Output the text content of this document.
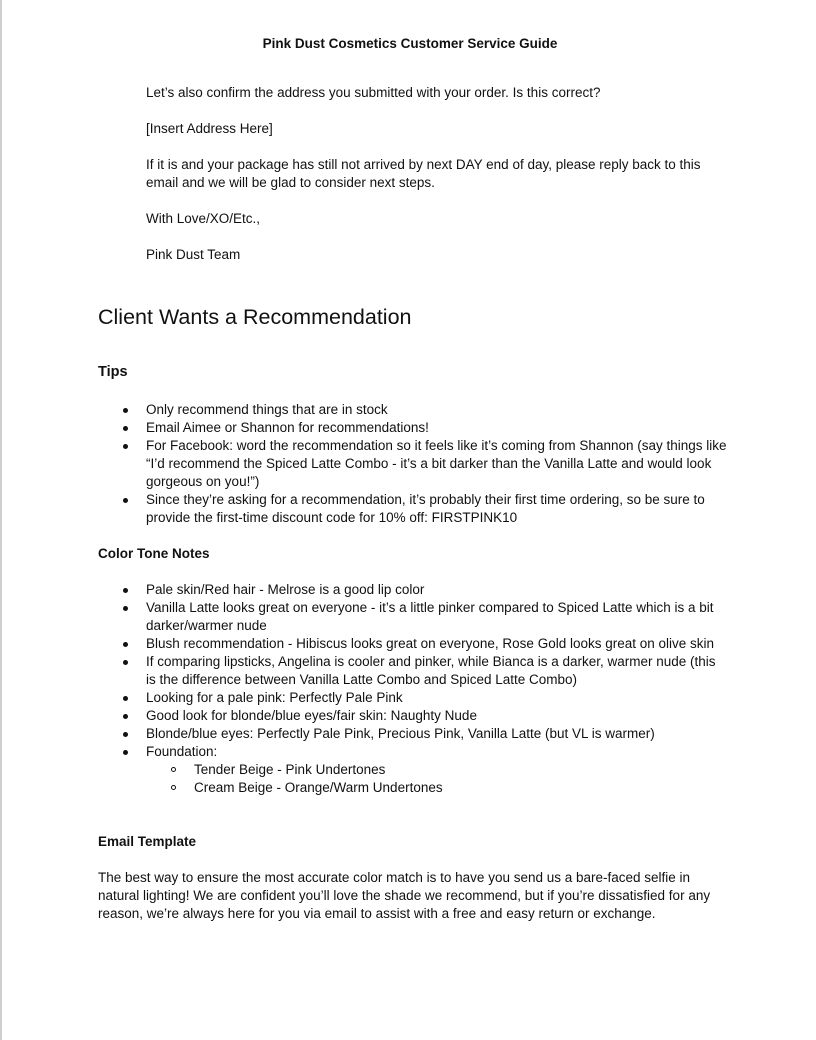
Pink Dust Cosmetics Customer Service Guide

Let’s also confirm the address you submitted with your order. Is this correct?

[Insert Address Here]

If it is and your package has still not arrived by next DAY end of day, please reply back to this email and we will be glad to consider next steps.

With Love/XO/Etc.,

Pink Dust Team

Client Wants a Recommendation
Tips
Only recommend things that are in stock
Email Aimee or Shannon for recommendations!
For Facebook: word the recommendation so it feels like it’s coming from Shannon (say things like “I’d recommend the Spiced Latte Combo - it’s a bit darker than the Vanilla Latte and would look gorgeous on you!”)
Since they’re asking for a recommendation, it’s probably their first time ordering, so be sure to provide the first-time discount code for 10% off: FIRSTPINK10
Color Tone Notes
Pale skin/Red hair - Melrose is a good lip color
Vanilla Latte looks great on everyone - it’s a little pinker compared to Spiced Latte which is a bit darker/warmer nude
Blush recommendation - Hibiscus looks great on everyone, Rose Gold looks great on olive skin
If comparing lipsticks, Angelina is cooler and pinker, while Bianca is a darker, warmer nude (this is the difference between Vanilla Latte Combo and Spiced Latte Combo)
Looking for a pale pink: Perfectly Pale Pink
Good look for blonde/blue eyes/fair skin: Naughty Nude
Blonde/blue eyes: Perfectly Pale Pink, Precious Pink, Vanilla Latte (but VL is warmer)
Foundation:
Tender Beige - Pink Undertones
Cream Beige - Orange/Warm Undertones
Email Template

The best way to ensure the most accurate color match is to have you send us a bare-faced selfie in natural lighting! We are confident you’ll love the shade we recommend, but if you’re dissatisfied for any reason, we’re always here for you via email to assist with a free and easy return or exchange.
